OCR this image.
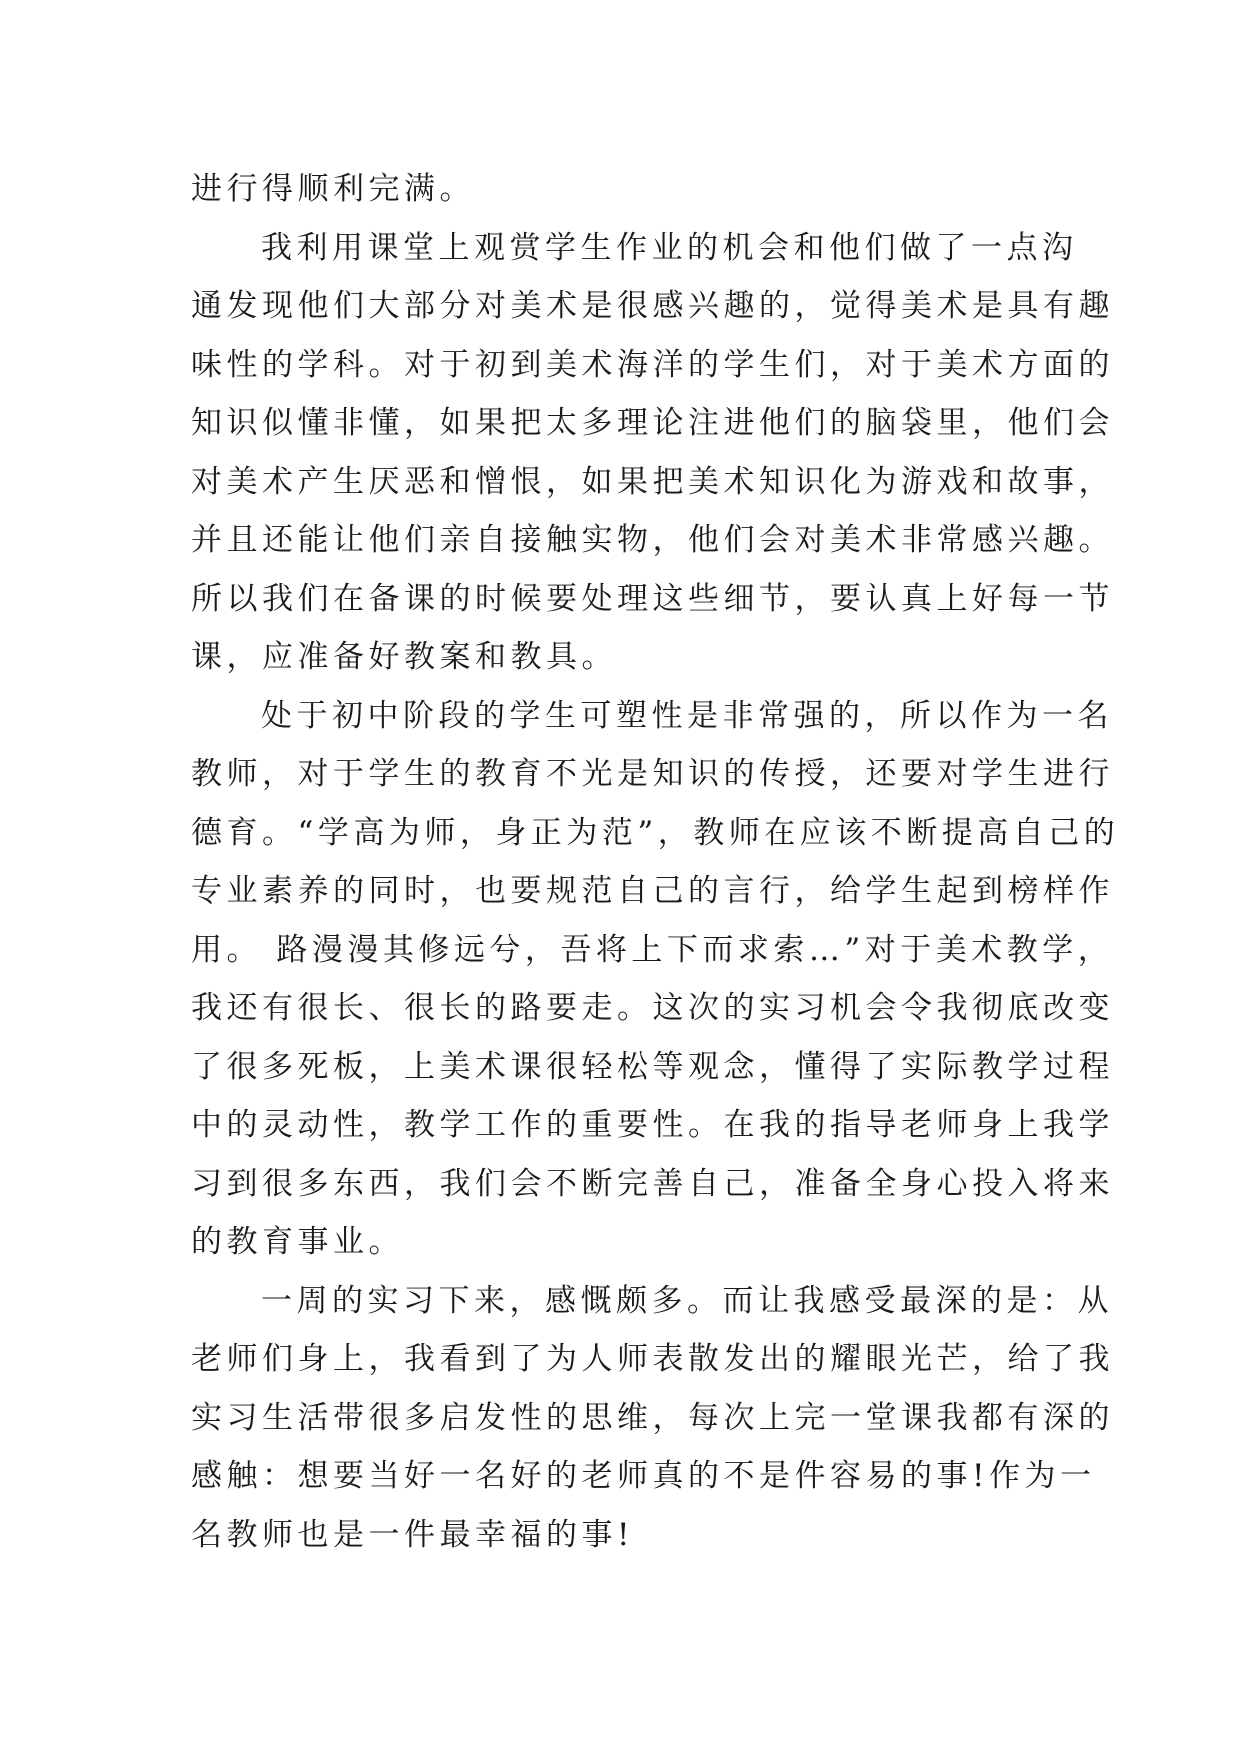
进行得顺利完满。
我利用课堂上观赏学生作业的机会和他们做了一点沟
通发现他们大部分对美术是很感兴趣的，觉得美术是具有趣
味性的学科。对于初到美术海洋的学生们，对于美术方面的
知识似懂非懂，如果把太多理论注进他们的脑袋里，他们会
对美术产生厌恶和憎恨，如果把美术知识化为游戏和故事，
并且还能让他们亲自接触实物，他们会对美术非常感兴趣。
所以我们在备课的时候要处理这些细节，要认真上好每一节
课，应准备好教案和教具。
处于初中阶段的学生可塑性是非常强的，所以作为一名
教师，对于学生的教育不光是知识的传授，还要对学生进行
德育。“学高为师，身正为范”，教师在应该不断提高自己的
专业素养的同时，也要规范自己的言行，给学生起到榜样作
用。 路漫漫其修远兮，吾将上下而求索…”对于美术教学，
我还有很长、很长的路要走。这次的实习机会令我彻底改变
了很多死板，上美术课很轻松等观念，懂得了实际教学过程
中的灵动性，教学工作的重要性。在我的指导老师身上我学
习到很多东西，我们会不断完善自己，准备全身心投入将来
的教育事业。
一周的实习下来，感慨颇多。而让我感受最深的是：从
老师们身上，我看到了为人师表散发出的耀眼光芒，给了我
实习生活带很多启发性的思维，每次上完一堂课我都有深的
感触：想要当好一名好的老师真的不是件容易的事!作为一
名教师也是一件最幸福的事!
